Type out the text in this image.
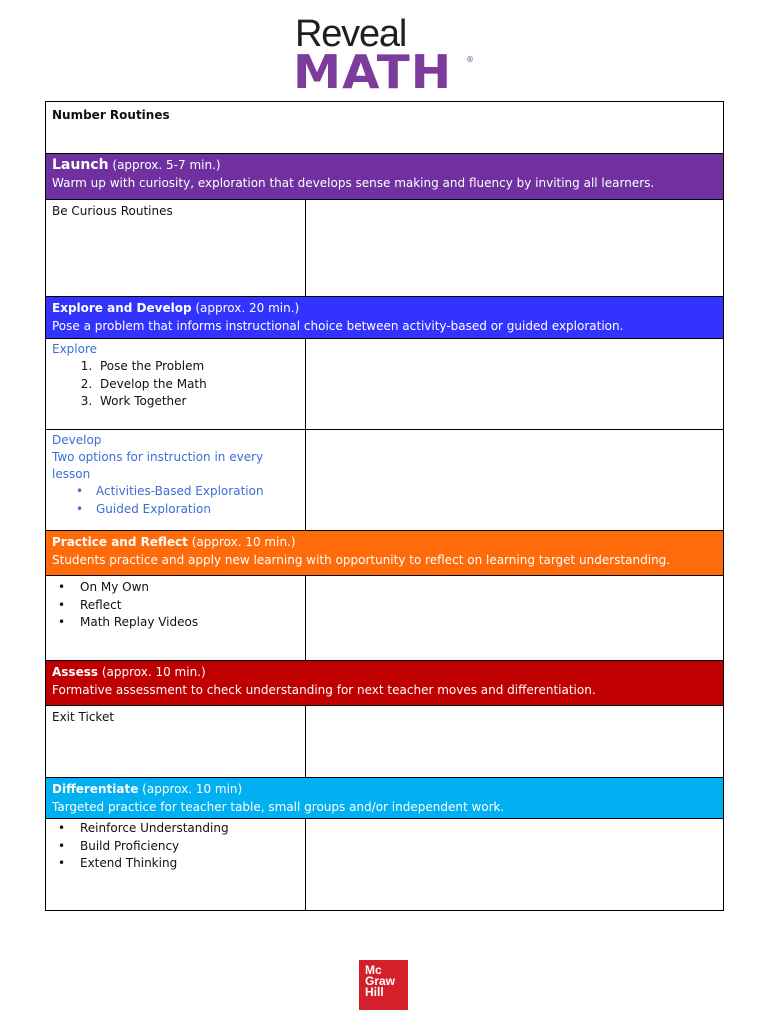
Reveal
MATH ®
Number Routines
Launch (approx. 5-7 min.)
Warm up with curiosity, exploration that develops sense making and fluency by inviting all learners.
Be Curious Routines
Explore and Develop (approx. 20 min.)
Pose a problem that informs instructional choice between activity-based or guided exploration.
Explore
1. Pose the Problem
2. Develop the Math
3. Work Together
Develop
Two options for instruction in every lesson
• Activities-Based Exploration
• Guided Exploration
Practice and Reflect (approx. 10 min.)
Students practice and apply new learning with opportunity to reflect on learning target understanding.
• On My Own
• Reflect
• Math Replay Videos
Assess (approx. 10 min.)
Formative assessment to check understanding for next teacher moves and differentiation.
Exit Ticket
Differentiate (approx. 10 min)
Targeted practice for teacher table, small groups and/or independent work.
• Reinforce Understanding
• Build Proficiency
• Extend Thinking
Mc
Graw
Hill
